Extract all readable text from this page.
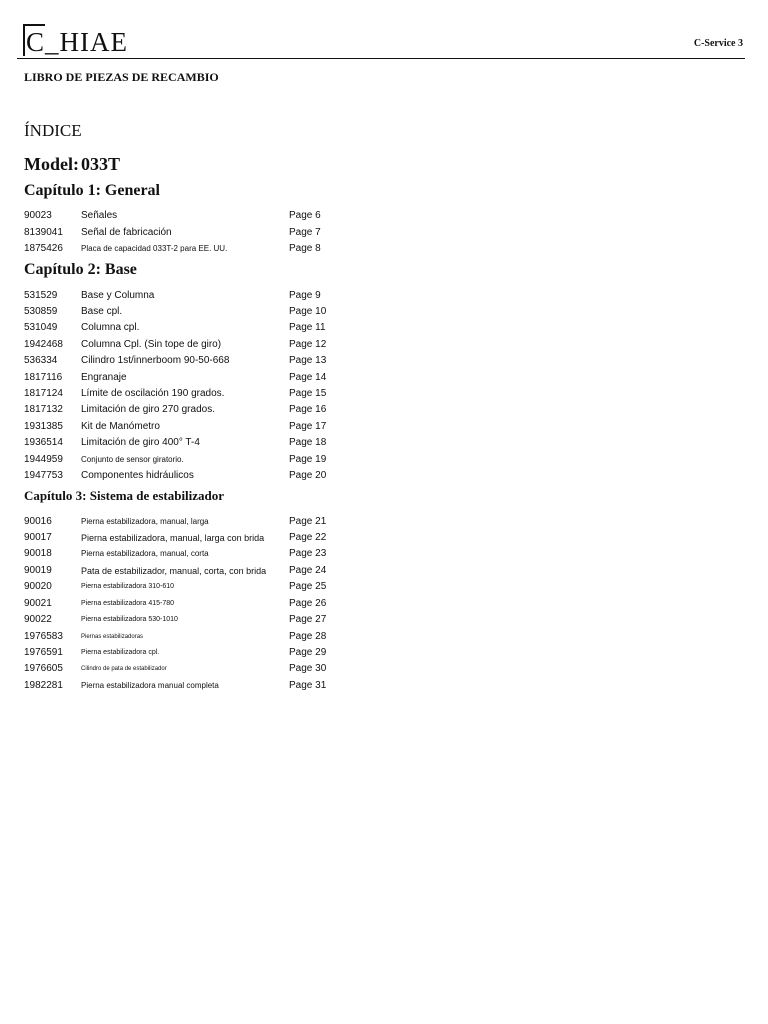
C_HIAE	C-Service 3
LIBRO DE PIEZAS DE RECAMBIO
ÍNDICE
Model: 033T
Capítulo 1: General
90023	Señales	Page 6
8139041 Señal de fabricación	Page 7
1875426 Placa de capacidad 033T-2 para EE. UU.	Page 8
Capítulo 2: Base
531529 Base y Columna	Page 9
530859 Base cpl.	Page 10
531049 Columna cpl.	Page 11
1942468 Columna Cpl. (Sin tope de giro)	Page 12
536334 Cilindro 1st/innerboom 90-50-668	Page 13
1817116 Engranaje	Page 14
1817124 Límite de oscilación 190 grados.	Page 15
1817132 Limitación de giro 270 grados.	Page 16
1931385 Kit de Manómetro	Page 17
1936514 Limitación de giro 400° T-4	Page 18
1944959 Conjunto de sensor giratorio.	Page 19
1947753 Componentes hidráulicos	Page 20
Capítulo 3: Sistema de estabilizador
90016	Pierna estabilizadora, manual, larga	Page 21
90017	Pierna estabilizadora, manual, larga con brida Page 22
90018	Pierna estabilizadora, manual, corta	Page 23
90019	Pata de estabilizador, manual, corta, con brida Page 24
90020	Pierna estabilizadora 310-610	Page 25
90021	Pierna estabilizadora 415-780	Page 26
90022	Pierna estabilizadora 530-1010	Page 27
1976583	Piernas estabilizadoras	Page 28
1976591	Pierna estabilizadora cpl.	Page 29
1976605	Cilindro de pata de estabilizador	Page 30
1982281 Pierna estabilizadora manual completa	Page 31
